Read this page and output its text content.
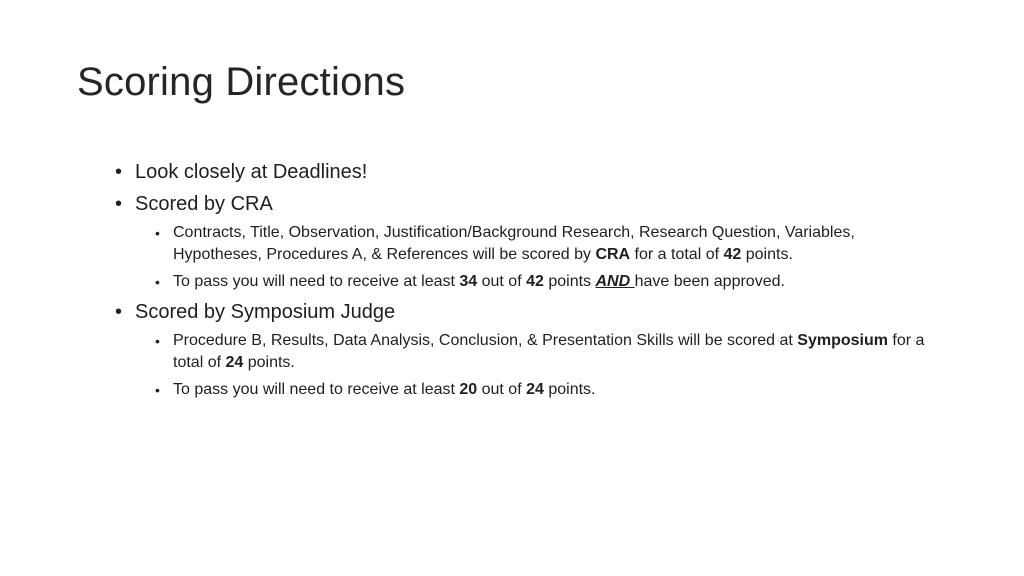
Scoring Directions
• Look closely at Deadlines!
• Scored by CRA
• Contracts, Title, Observation, Justification/Background Research, Research Question, Variables, Hypotheses, Procedures A, & References will be scored by CRA for a total of 42 points.
• To pass you will need to receive at least 34 out of 42 points AND have been approved.
• Scored by Symposium Judge
• Procedure B, Results, Data Analysis, Conclusion, & Presentation Skills will be scored at Symposium for a total of 24 points.
• To pass you will need to receive at least 20 out of 24 points.
